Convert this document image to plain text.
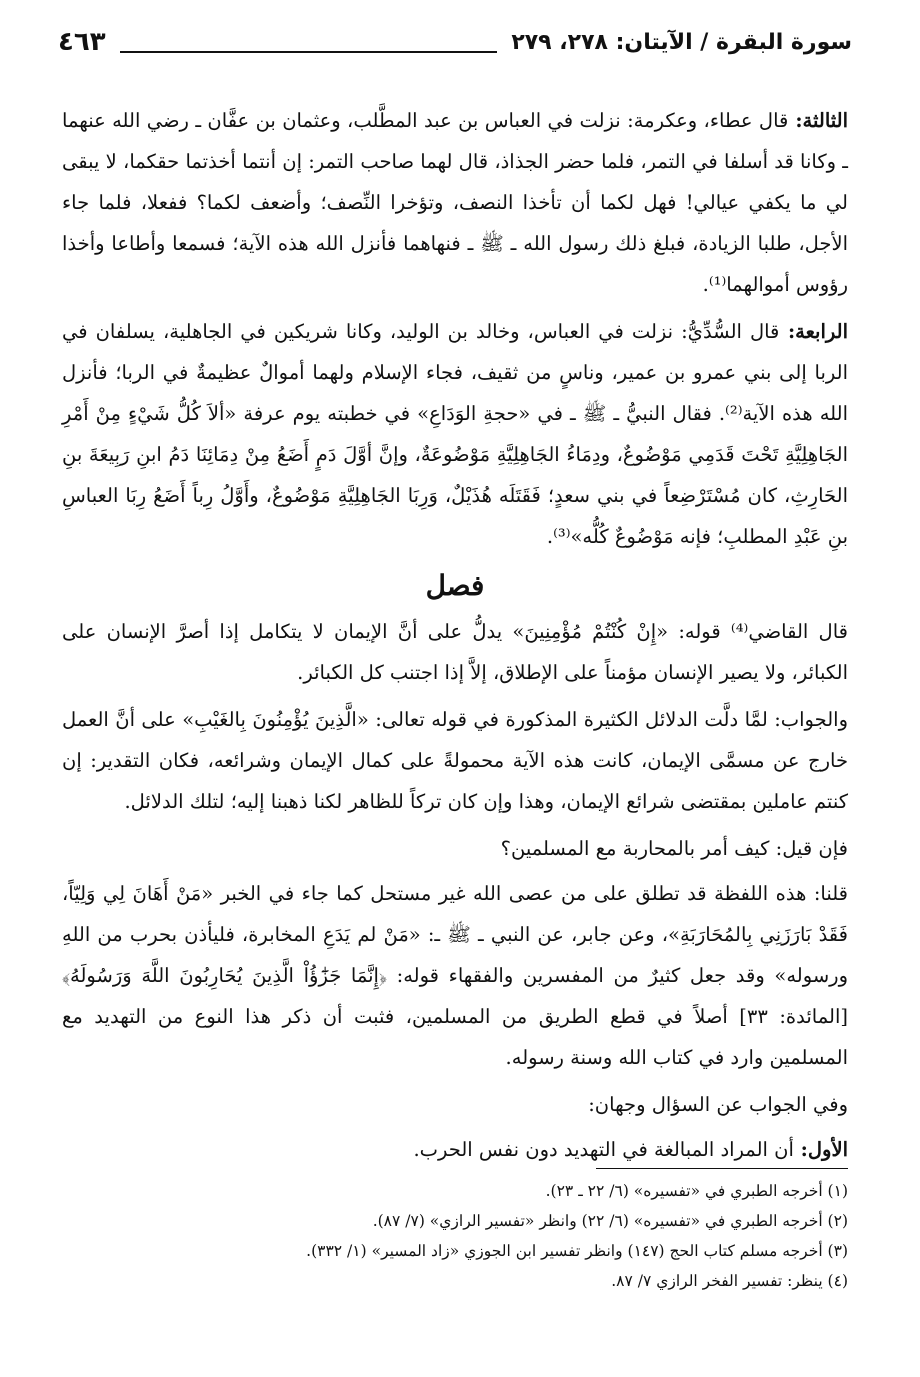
سورة البقرة / الآيتان: ٢٧٨، ٢٧٩
٤٦٣

الثالثة: قال عطاء، وعكرمة: نزلت في العباس بن عبد المطَّلب، وعثمان بن عفَّان ـ رضي الله عنهما ـ وكانا قد أسلفا في التمر، فلما حضر الجذاذ، قال لهما صاحب التمر: إن أنتما أخذتما حقكما، لا يبقى لي ما يكفي عيالي! فهل لكما أن تأخذا النصف، وتؤخرا النِّصف؛ وأضعف لكما؟ ففعلا، فلما جاء الأجل، طلبا الزيادة، فبلغ ذلك رسول الله ـ ﷺ ـ فنهاهما فأنزل الله هذه الآية؛ فسمعا وأطاعا وأخذا رؤوس أموالهما⁽¹⁾.

الرابعة: قال السُّدِّيُّ: نزلت في العباس، وخالد بن الوليد، وكانا شريكين في الجاهلية، يسلفان في الربا إلى بني عمرو بن عمير، وناسٍ من ثقيف، فجاء الإسلام ولهما أموالٌ عظيمةٌ في الربا؛ فأنزل الله هذه الآية⁽²⁾. فقال النبيُّ ـ ﷺ ـ في «حجةِ الوَدَاعِ» في خطبته يوم عرفة «ألاَ كُلُّ شَيْءٍ مِنْ أَمْرِ الجَاهِلِيَّةِ تَحْتَ قَدَمِي مَوْضُوعٌ، ودِمَاءُ الجَاهِلِيَّةِ مَوْضُوعَةٌ، وإنَّ أوَّلَ دَمٍ أَضَعُ مِنْ دِمَائِنَا دَمُ ابنِ رَبِيعَةَ بنِ الحَارِثِ، كان مُسْتَرْضِعاً في بني سعدٍ؛ فَقَتَلَه هُذَيْلٌ، وَرِبَا الجَاهِلِيَّةِ مَوْضُوعٌ، وأَوَّلُ رِباً أَضَعُ رِبَا العباسِ بنِ عَبْدِ المطلبِ؛ فإنه مَوْضُوعٌ كُلُّه»⁽³⁾.

فصل

قال القاضي⁽⁴⁾ قوله: «إِنْ كُنْتُمْ مُؤْمِنِينَ» يدلُّ على أنَّ الإيمان لا يتكامل إذا أصرَّ الإنسان على الكبائر، ولا يصير الإنسان مؤمناً على الإطلاق، إلاَّ إذا اجتنب كل الكبائر.

والجواب: لمَّا دلَّت الدلائل الكثيرة المذكورة في قوله تعالى: «الَّذِينَ يُؤْمِنُونَ بِالغَيْبِ» على أنَّ العمل خارج عن مسمَّى الإيمان، كانت هذه الآية محمولةً على كمال الإيمان وشرائعه، فكان التقدير: إن كنتم عاملين بمقتضى شرائع الإيمان، وهذا وإن كان تركاً للظاهر لكنا ذهبنا إليه؛ لتلك الدلائل.

فإن قيل: كيف أمر بالمحاربة مع المسلمين؟

قلنا: هذه اللفظة قد تطلق على من عصى الله غير مستحل كما جاء في الخبر «مَنْ أَهَانَ لِي وَلِيّاً، فَقَدْ بَارَزَنِي بِالمُحَارَبَةِ»، وعن جابر، عن النبي ـ ﷺ ـ: «مَنْ لم يَدَعِ المخابرة، فليأذن بحرب من اللهِ ورسوله» وقد جعل كثيرٌ من المفسرين والفقهاء قوله: ﴿إِنَّمَا جَزَٰٓؤُاْ الَّذِينَ يُحَارِبُونَ اللَّهَ وَرَسُولَهُ﴾ [المائدة: ٣٣] أصلاً في قطع الطريق من المسلمين، فثبت أن ذكر هذا النوع من التهديد مع المسلمين وارد في كتاب الله وسنة رسوله.

وفي الجواب عن السؤال وجهان:

الأول: أن المراد المبالغة في التهديد دون نفس الحرب.

(١) أخرجه الطبري في «تفسيره» (٦/ ٢٢ ـ ٢٣).
(٢) أخرجه الطبري في «تفسيره» (٦/ ٢٢) وانظر «تفسير الرازي» (٧/ ٨٧).
(٣) أخرجه مسلم كتاب الحج (١٤٧) وانظر تفسير ابن الجوزي «زاد المسير» (١/ ٣٣٢).
(٤) ينظر: تفسير الفخر الرازي ٧/ ٨٧.
